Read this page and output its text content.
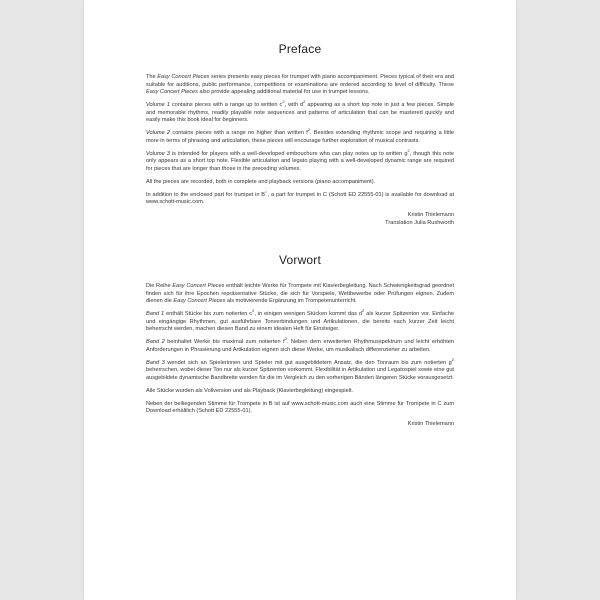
Preface

The Easy Concert Pieces series presents easy pieces for trumpet with piano accompaniment. Pieces typical of their era and suitable for auditions, public performance, competitions or examinations are ordered according to level of difficulty. These Easy Concert Pieces also provide appealing additional material for use in trumpet lessons.

Volume 1 contains pieces with a range up to written $c^2$, with $d^2$ appearing as a short top note in just a few pieces. Simple and memorable rhythms, readily playable note sequences and patterns of articulation that can be mastered quickly and easily make this book ideal for beginners.

Volume 2 contains pieces with a range no higher than written $f^2$. Besides extending rhythmic scope and requiring a little more in terms of phrasing and articulation, these pieces will encourage further exploration of musical contrasts.

Volume 3 is intended for players with a well-developed embouchure who can play notes up to written $g^2$, though this note only appears as a short top note. Flexible articulation and legato playing with a well-developed dynamic range are required for pieces that are longer than those in the preceding volumes.

All the pieces are recorded, both in complete and playback versions (piano accompaniment).

In addition to the enclosed part for trumpet in B♭, a part for trumpet in C (Schott ED 22555-01) is available for download at www.schott-music.com.

Kristin Thielemann

Translation Julia Rushworth

Vorwort

Die Reihe Easy Concert Pieces enthält leichte Werke für Trompete mit Klavierbegleitung. Nach Schwierigkeitsgrad geordnet finden sich für ihre Epochen repräsentative Stücke, die sich für Vorspiele, Wettbewerbe oder Prüfungen eignen. Zudem dienen die Easy Concert Pieces als motivierende Ergänzung im Trompetenunterricht.

Band 1 enthält Stücke bis zum notierten $c^2$, in einigen wenigen Stücken kommt das $d^2$ als kurzer Spitzenton vor. Einfache und eingängige Rhythmen, gut ausführbare Tonverbindungen und Artikulationen, die bereits nach kurzer Zeit leicht beherrscht werden, machen diesen Band zu einem idealen Heft für Einsteiger.

Band 2 beinhaltet Werke bis maximal zum notierten $f^2$. Neben dem erweiterten Rhythmusspektrum und leicht erhöhten Anforderungen in Phrasierung und Artikulation eignen sich diese Werke, um musikalisch differenzierter zu arbeiten.

Band 3 wendet sich an Spielerinnen und Spieler mit gut ausgebildetem Ansatz, die den Tonraum bis zum notierten $g^2$ beherrschen, wobei dieser Ton nur als kurzer Spitzenton vorkommt. Flexibilität in Artikulation und Legatospiel sowie eine gut ausgebildete dynamische Bandbreite werden für die im Vergleich zu den vorherigen Bänden längeren Stücke vorausgesetzt.

Alle Stücke wurden als Vollversion und als Playback (Klavierbegleitung) eingespielt.

Neben der beiliegenden Stimme für Trompete in B ist auf www.schott-music.com auch eine Stimme für Trompete in C zum Download erhältlich (Schott ED 22555-01).

Kristin Thielemann
